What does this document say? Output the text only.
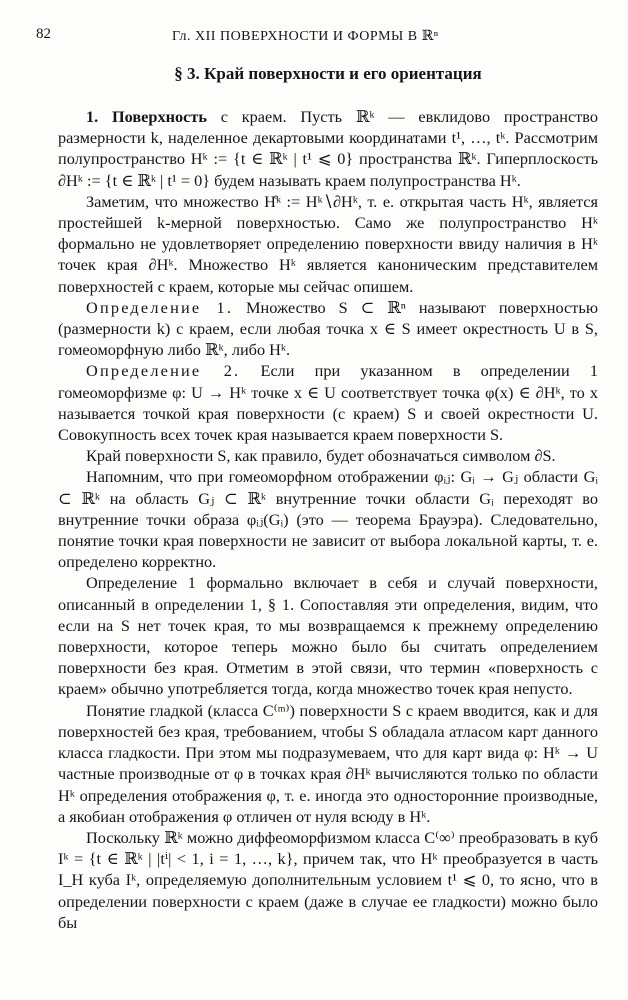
82	Гл. XII ПОВЕРХНОСТИ И ФОРМЫ В ℝⁿ
§ 3. Край поверхности и его ориентация

1. Поверхность с краем. Пусть ℝᵏ — евклидово пространство размерности k, наделенное декартовыми координатами t¹, …, tᵏ. Рассмотрим полупространство Hᵏ := {t ∈ ℝᵏ | t¹ ⩽ 0} пространства ℝᵏ. Гиперплоскость ∂Hᵏ := {t ∈ ℝᵏ | t¹ = 0} будем называть краем полупространства Hᵏ.

Заметим, что множество H̊ᵏ := Hᵏ∖∂Hᵏ, т. е. открытая часть Hᵏ, является простейшей k-мерной поверхностью. Само же полупространство Hᵏ формально не удовлетворяет определению поверхности ввиду наличия в Hᵏ точек края ∂Hᵏ. Множество Hᵏ является каноническим представителем поверхностей с краем, которые мы сейчас опишем.

Определение 1. Множество S ⊂ ℝⁿ называют поверхностью (размерности k) с краем, если любая точка x ∈ S имеет окрестность U в S, гомеоморфную либо ℝᵏ, либо Hᵏ.

Определение 2. Если при указанном в определении 1 гомеоморфизме φ: U → Hᵏ точке x ∈ U соответствует точка φ(x) ∈ ∂Hᵏ, то x называется точкой края поверхности (с краем) S и своей окрестности U. Совокупность всех точек края называется краем поверхности S.

Край поверхности S, как правило, будет обозначаться символом ∂S.

Напомним, что при гомеоморфном отображении φᵢⱼ: Gᵢ → Gⱼ области Gᵢ ⊂ ℝᵏ на область Gⱼ ⊂ ℝᵏ внутренние точки области Gᵢ переходят во внутренние точки образа φᵢⱼ(Gᵢ) (это — теорема Брауэра). Следовательно, понятие точки края поверхности не зависит от выбора локальной карты, т. е. определено корректно.

Определение 1 формально включает в себя и случай поверхности, описанный в определении 1, § 1. Сопоставляя эти определения, видим, что если на S нет точек края, то мы возвращаемся к прежнему определению поверхности, которое теперь можно было бы считать определением поверхности без края. Отметим в этой связи, что термин «поверхность с краем» обычно употребляется тогда, когда множество точек края непусто.

Понятие гладкой (класса C⁽ᵐ⁾) поверхности S с краем вводится, как и для поверхностей без края, требованием, чтобы S обладала атласом карт данного класса гладкости. При этом мы подразумеваем, что для карт вида φ: Hᵏ → U частные производные от φ в точках края ∂Hᵏ вычисляются только по области Hᵏ определения отображения φ, т. е. иногда это односторонние производные, а якобиан отображения φ отличен от нуля всюду в Hᵏ.

Поскольку ℝᵏ можно диффеоморфизмом класса C⁽∞⁾ преобразовать в куб Iᵏ = {t ∈ ℝᵏ | |tⁱ| < 1, i = 1, …, k}, причем так, что Hᵏ преобразуется в часть I_H куба Iᵏ, определяемую дополнительным условием t¹ ⩽ 0, то ясно, что в определении поверхности с краем (даже в случае ее гладкости) можно было бы
